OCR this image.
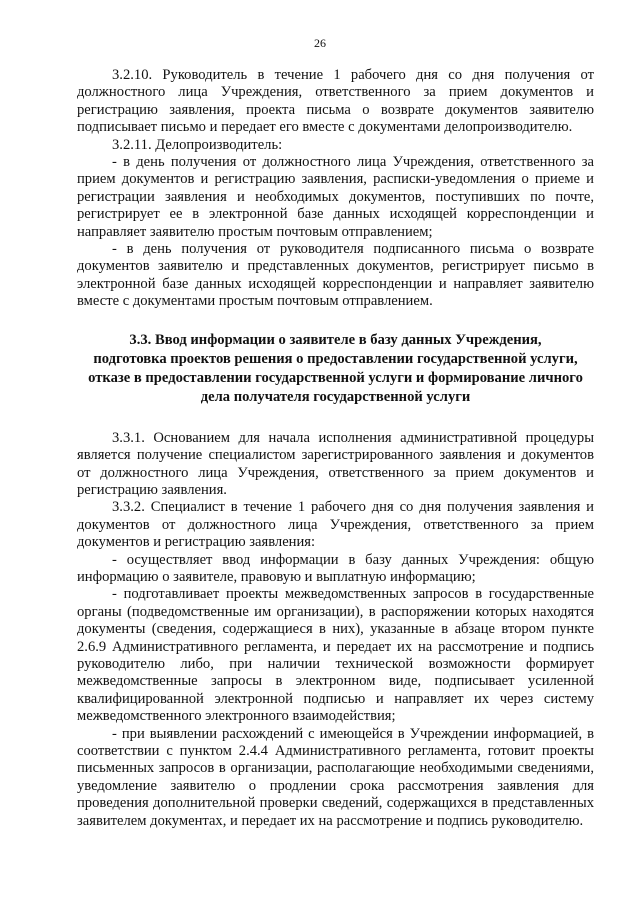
26

3.2.10. Руководитель в течение 1 рабочего дня со дня получения от должностного лица Учреждения, ответственного за прием документов и регистрацию заявления, проекта письма о возврате документов заявителю подписывает письмо и передает его вместе с документами делопроизводителю.

3.2.11. Делопроизводитель:

- в день получения от должностного лица Учреждения, ответственного за прием документов и регистрацию заявления, расписки-уведомления о приеме и регистрации заявления и необходимых документов, поступивших по почте, регистрирует ее в электронной базе данных исходящей корреспонденции и направляет заявителю простым почтовым отправлением;

- в день получения от руководителя подписанного письма о возврате документов заявителю и представленных документов, регистрирует письмо в электронной базе данных исходящей корреспонденции и направляет заявителю вместе с документами простым почтовым отправлением.

3.3. Ввод информации о заявителе в базу данных Учреждения,

подготовка проектов решения о предоставлении государственной услуги,

отказе в предоставлении государственной услуги и формирование личного

дела получателя государственной услуги

3.3.1. Основанием для начала исполнения административной процедуры является получение специалистом зарегистрированного заявления и документов от должностного лица Учреждения, ответственного за прием документов и регистрацию заявления.

3.3.2. Специалист в течение 1 рабочего дня со дня получения заявления и документов от должностного лица Учреждения, ответственного за прием документов и регистрацию заявления:

- осуществляет ввод информации в базу данных Учреждения: общую информацию о заявителе, правовую и выплатную информацию;

- подготавливает проекты межведомственных запросов в государственные органы (подведомственные им организации), в распоряжении которых находятся документы (сведения, содержащиеся в них), указанные в абзаце втором пункте 2.6.9 Административного регламента, и передает их на рассмотрение и подпись руководителю либо, при наличии технической возможности формирует межведомственные запросы в электронном виде, подписывает усиленной квалифицированной электронной подписью и направляет их через систему межведомственного электронного взаимодействия;

- при выявлении расхождений с имеющейся в Учреждении информацией, в соответствии с пунктом 2.4.4 Административного регламента, готовит проекты письменных запросов в организации, располагающие необходимыми сведениями, уведомление заявителю о продлении срока рассмотрения заявления для проведения дополнительной проверки сведений, содержащихся в представленных заявителем документах, и передает их на рассмотрение и подпись руководителю.
